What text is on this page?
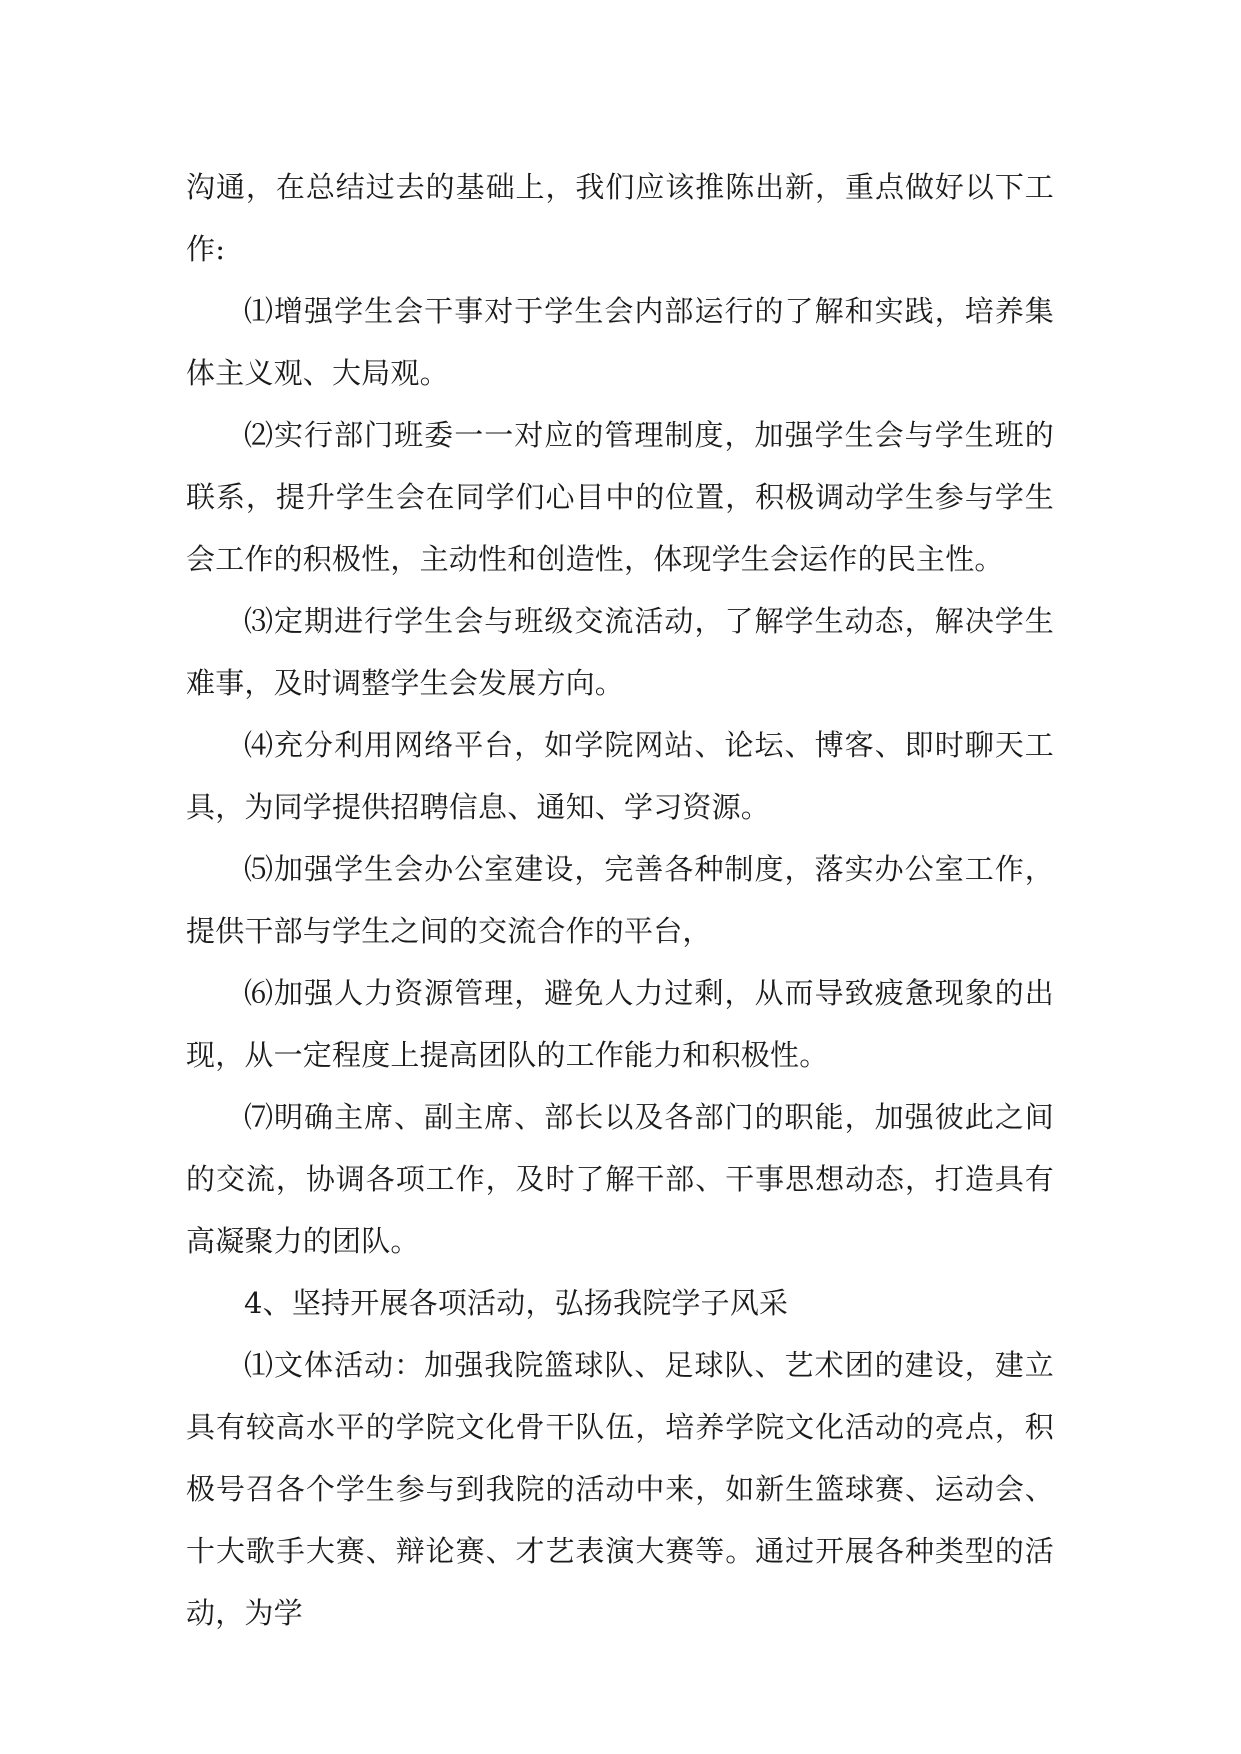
沟通，在总结过去的基础上，我们应该推陈出新，重点做好以下工作:

⑴增强学生会干事对于学生会内部运行的了解和实践，培养集体主义观、大局观。

⑵实行部门班委一一对应的管理制度，加强学生会与学生班的联系，提升学生会在同学们心目中的位置，积极调动学生参与学生会工作的积极性，主动性和创造性，体现学生会运作的民主性。

⑶定期进行学生会与班级交流活动，了解学生动态，解决学生难事，及时调整学生会发展方向。

⑷充分利用网络平台，如学院网站、论坛、博客、即时聊天工具，为同学提供招聘信息、通知、学习资源。

⑸加强学生会办公室建设，完善各种制度，落实办公室工作，提供干部与学生之间的交流合作的平台，

⑹加强人力资源管理，避免人力过剩，从而导致疲惫现象的出现，从一定程度上提高团队的工作能力和积极性。

⑺明确主席、副主席、部长以及各部门的职能，加强彼此之间的交流，协调各项工作，及时了解干部、干事思想动态，打造具有高凝聚力的团队。

4、坚持开展各项活动，弘扬我院学子风采

⑴文体活动：加强我院篮球队、足球队、艺术团的建设，建立具有较高水平的学院文化骨干队伍，培养学院文化活动的亮点，积极号召各个学生参与到我院的活动中来，如新生篮球赛、运动会、十大歌手大赛、辩论赛、才艺表演大赛等。通过开展各种类型的活动，为学
